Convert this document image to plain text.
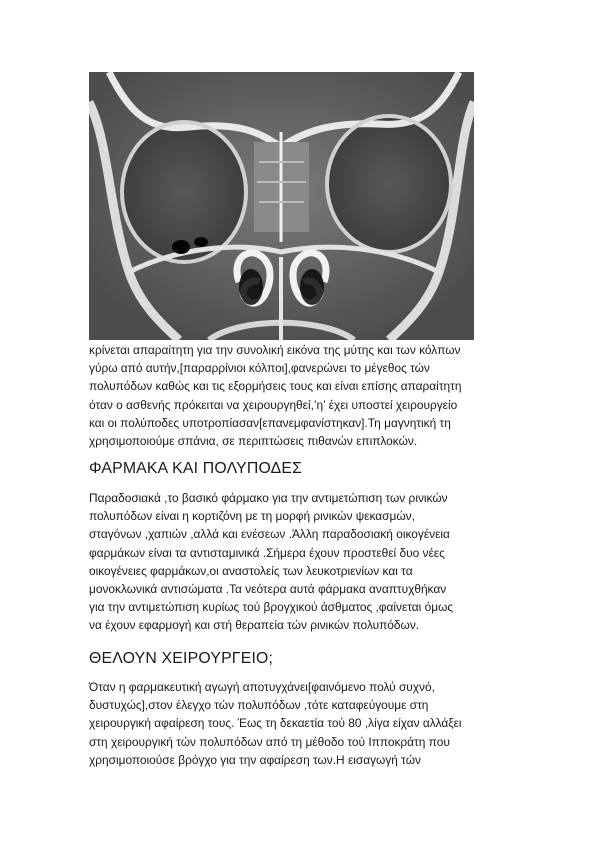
κρίνεται απαραίτητη για την συνολική εικόνα της μύτης και των κόλπων
γύρω από αυτήν,[παραρρίνιοι κόλποι],φανερώνει το μέγεθος τών
πολυπόδων καθώς και τις εξορμήσεις τους και είναι επίσης απαραίτητη
όταν ο ασθενής πρόκειται να χειρουργηθεί,’η’ έχει υποστεί χειρουργείο
και οι πολύποδες υποτροπίασαν[επανεμφανίστηκαν].Τη μαγνητική τη
χρησιμοποιούμε σπάνια, σε περιπτώσεις πιθανών επιπλοκών.

ΦΑΡΜΑΚΑ ΚΑΙ ΠΟΛΥΠΟΔΕΣ

Παραδοσιακά ,το βασικό φάρμακο για την αντιμετώπιση των ρινικών
πολυπόδων είναι η κορτιζόνη με τη μορφή ρινικών ψεκασμών,
σταγόνων ,χαπιών ,αλλά και ενέσεων .Άλλη παραδοσιακή οικογένεια
φαρμάκων είναι τα αντισταμινικά .Σήμερα έχουν προστεθεί δυο νέες
οικογένειες φαρμάκων,οι αναστολείς των λευκοτριενίων και τα
μονοκλωνικά αντισώματα .Τα νεότερα αυτά φάρμακα αναπτυχθήκαν
για την αντιμετώπιση κυρίως τού βρογχικού άσθματος ,φαίνεται όμως
να έχουν εφαρμογή και στή θεραπεία τών ρινικών πολυπόδων.

ΘΕΛΟΥΝ ΧΕΙΡΟΥΡΓΕΙΟ;

Όταν η φαρμακευτική αγωγή αποτυγχάνει[φαινόμενο πολύ συχνό,
δυστυχώς],στον έλεγχο τών πολυπόδων ,τότε καταφεύγουμε στη
χειρουργική αφαίρεση τους. Έως τη δεκαετία τού 80 ,λίγα είχαν αλλάξει
στη χειρουργική τών πολυπόδων από τη μέθοδο τού Ιπποκράτη που
χρησιμοποιούσε βρόγχο για την αφαίρεση των.Η εισαγωγή τών
